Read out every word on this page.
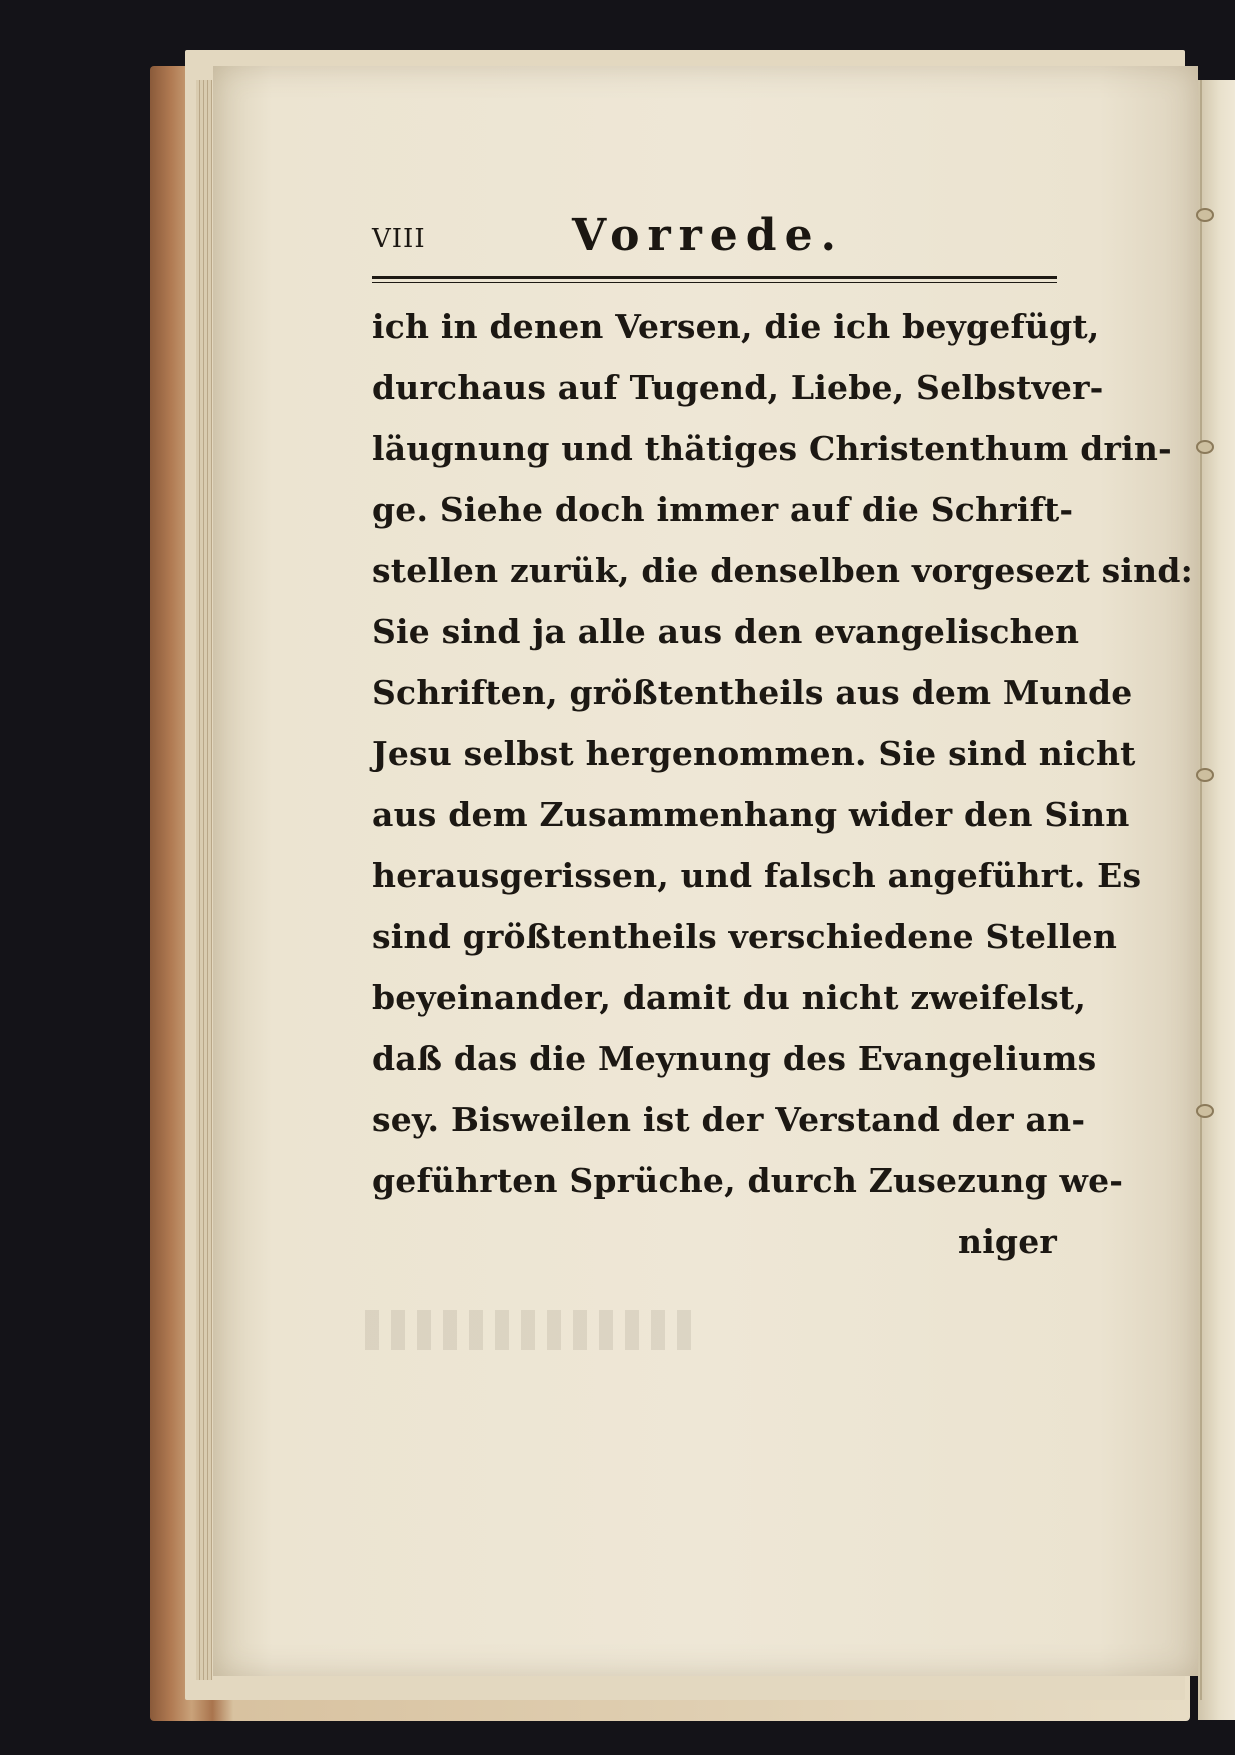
VIII	Vorrede.
ich in denen Versen, die ich beygefügt,
durchaus auf Tugend, Liebe, Selbstver-
läugnung und thätiges Christenthum drin-
ge. Siehe doch immer auf die Schrift-
stellen zurük, die denselben vorgesezt sind:
Sie sind ja alle aus den evangelischen
Schriften, größtentheils aus dem Munde
Jesu selbst hergenommen. Sie sind nicht
aus dem Zusammenhang wider den Sinn
herausgerissen, und falsch angeführt. Es
sind größtentheils verschiedene Stellen
beyeinander, damit du nicht zweifelst,
daß das die Meynung des Evangeliums
sey. Bisweilen ist der Verstand der an-
geführten Sprüche, durch Zusezung we-
niger
